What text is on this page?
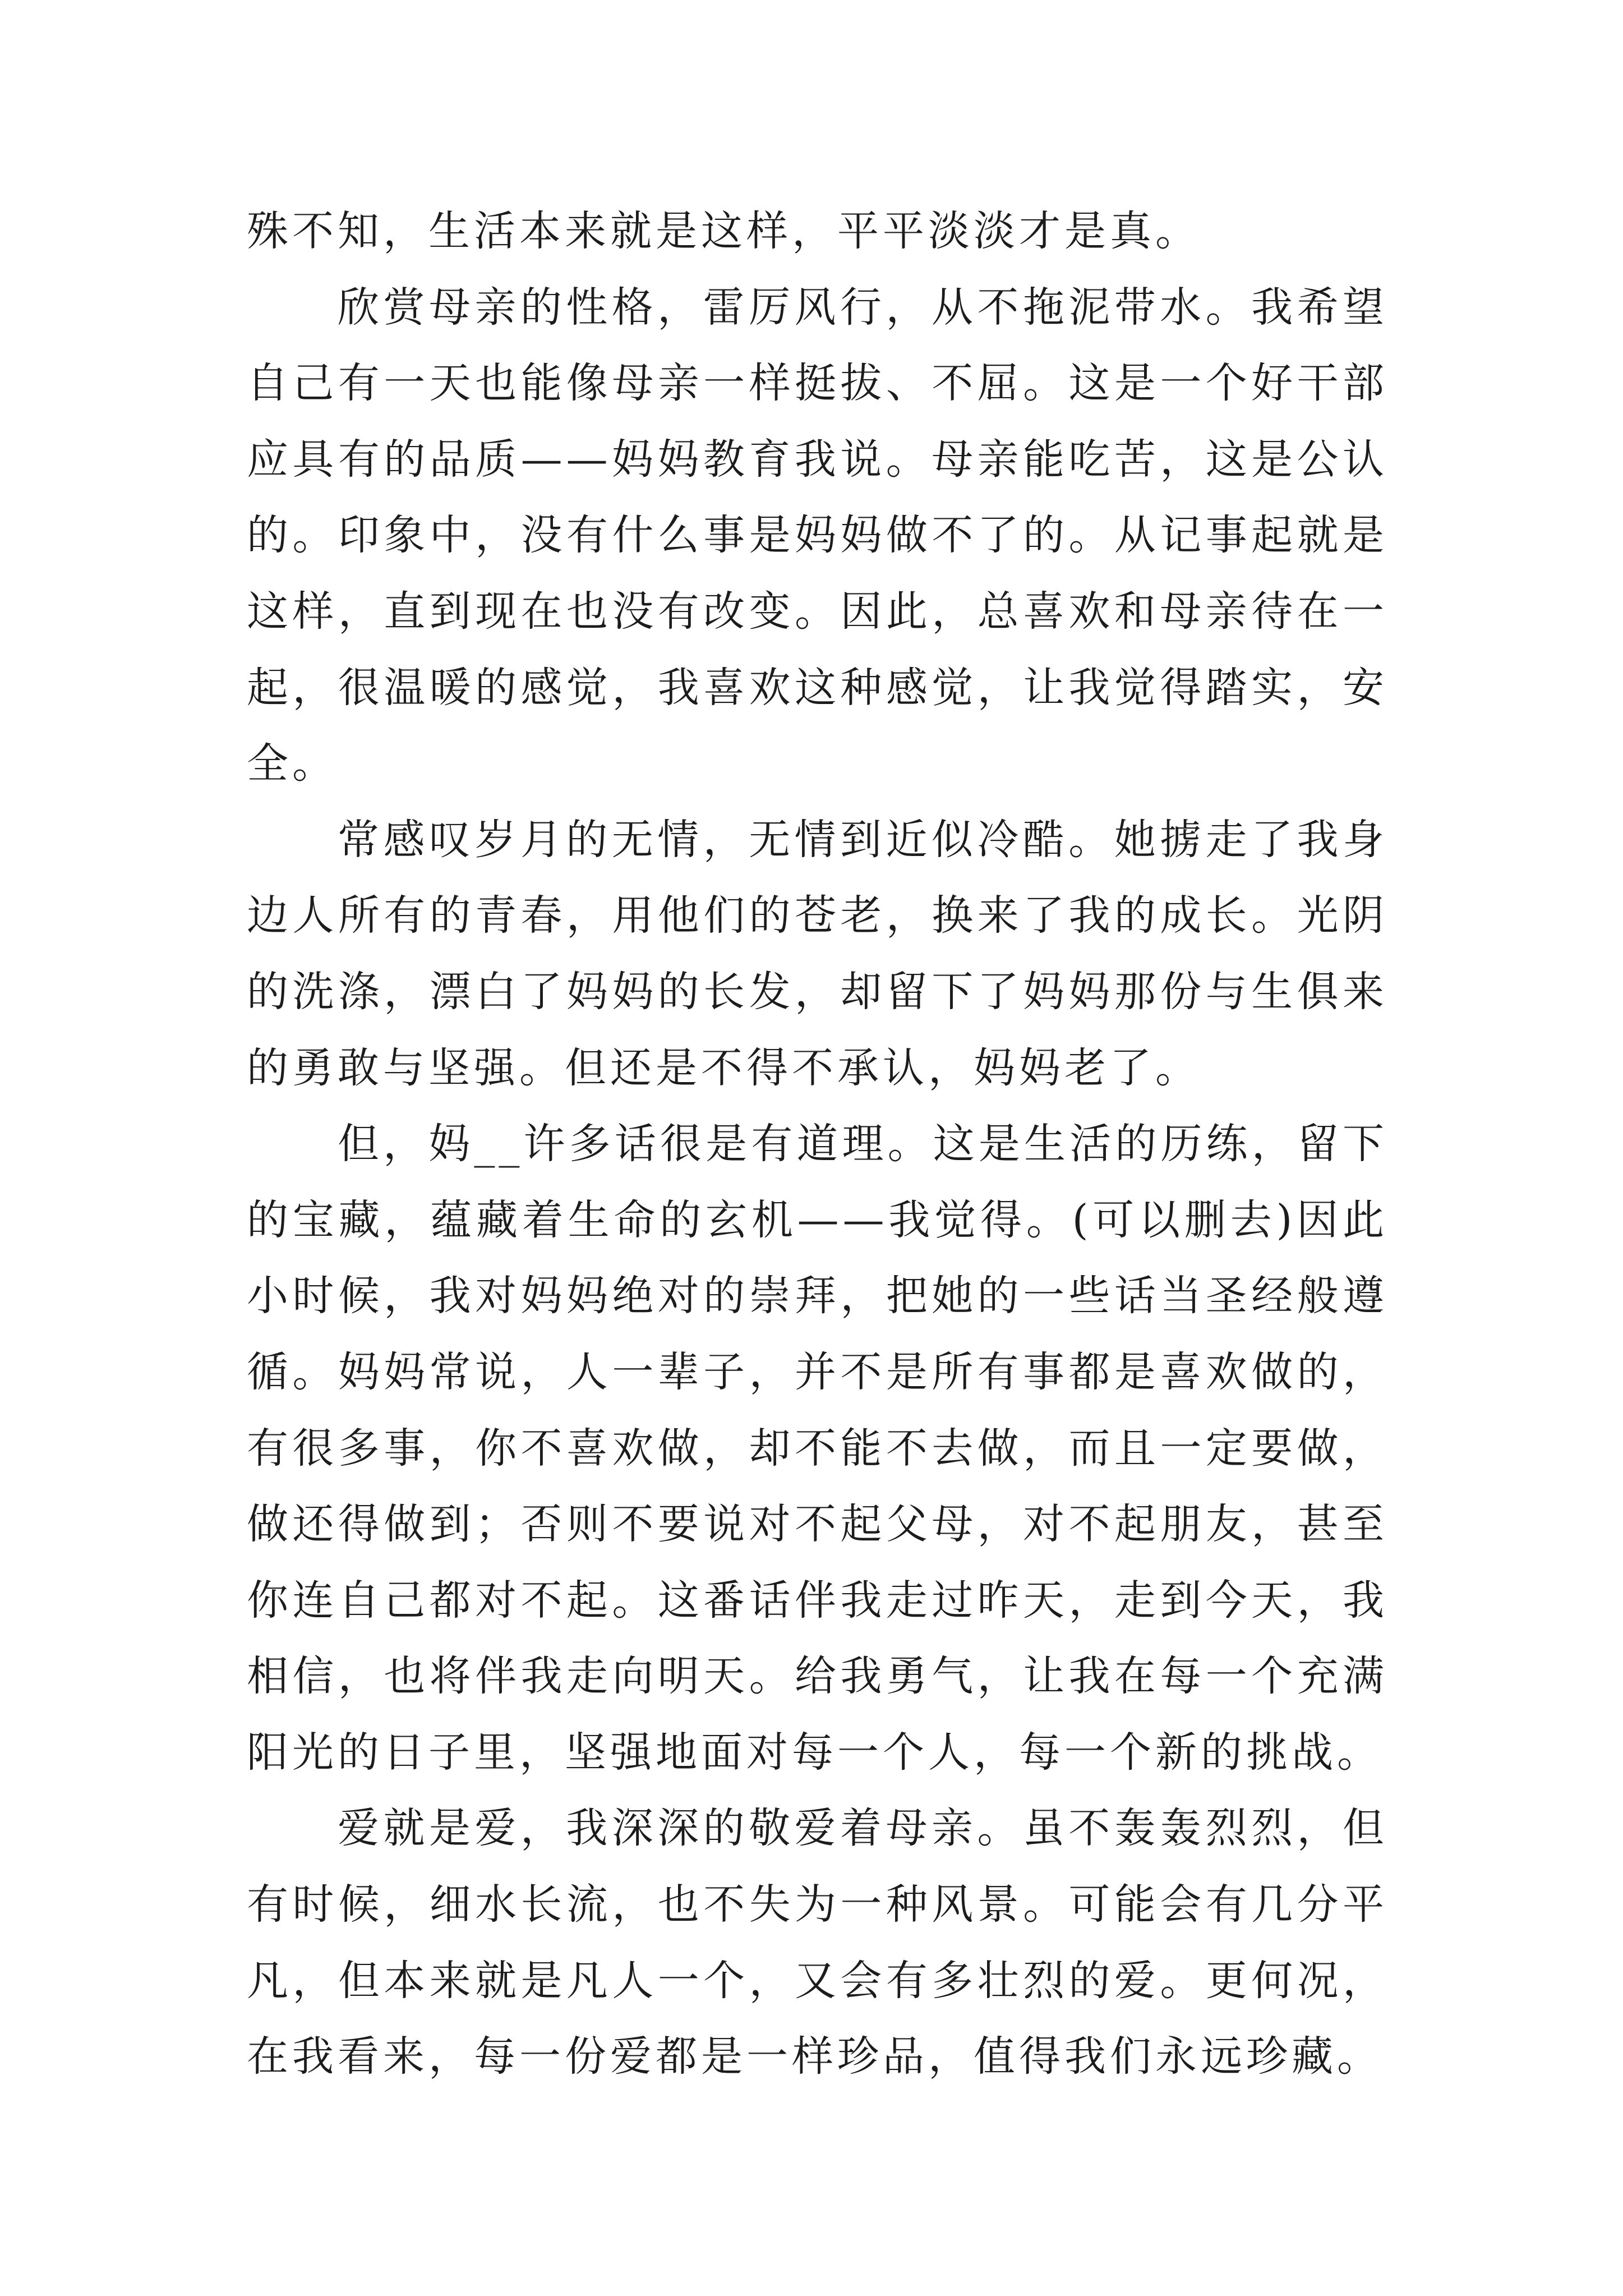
殊不知，生活本来就是这样，平平淡淡才是真。

欣赏母亲的性格，雷厉风行，从不拖泥带水。我希望自己有一天也能像母亲一样挺拔、不屈。这是一个好干部应具有的品质——妈妈教育我说。母亲能吃苦，这是公认的。印象中，没有什么事是妈妈做不了的。从记事起就是这样，直到现在也没有改变。因此，总喜欢和母亲待在一起，很温暖的感觉，我喜欢这种感觉，让我觉得踏实，安全。

常感叹岁月的无情，无情到近似冷酷。她掳走了我身边人所有的青春，用他们的苍老，换来了我的成长。光阴的洗涤，漂白了妈妈的长发，却留下了妈妈那份与生俱来的勇敢与坚强。但还是不得不承认，妈妈老了。

但，妈__许多话很是有道理。这是生活的历练，留下的宝藏，蕴藏着生命的玄机——我觉得。(可以删去)因此小时候，我对妈妈绝对的崇拜，把她的一些话当圣经般遵循。妈妈常说，人一辈子，并不是所有事都是喜欢做的，有很多事，你不喜欢做，却不能不去做，而且一定要做，做还得做到；否则不要说对不起父母，对不起朋友，甚至你连自己都对不起。这番话伴我走过昨天，走到今天，我相信，也将伴我走向明天。给我勇气，让我在每一个充满阳光的日子里，坚强地面对每一个人，每一个新的挑战。

爱就是爱，我深深的敬爱着母亲。虽不轰轰烈烈，但有时候，细水长流，也不失为一种风景。可能会有几分平凡，但本来就是凡人一个，又会有多壮烈的爱。更何况，在我看来，每一份爱都是一样珍品，值得我们永远珍藏。
